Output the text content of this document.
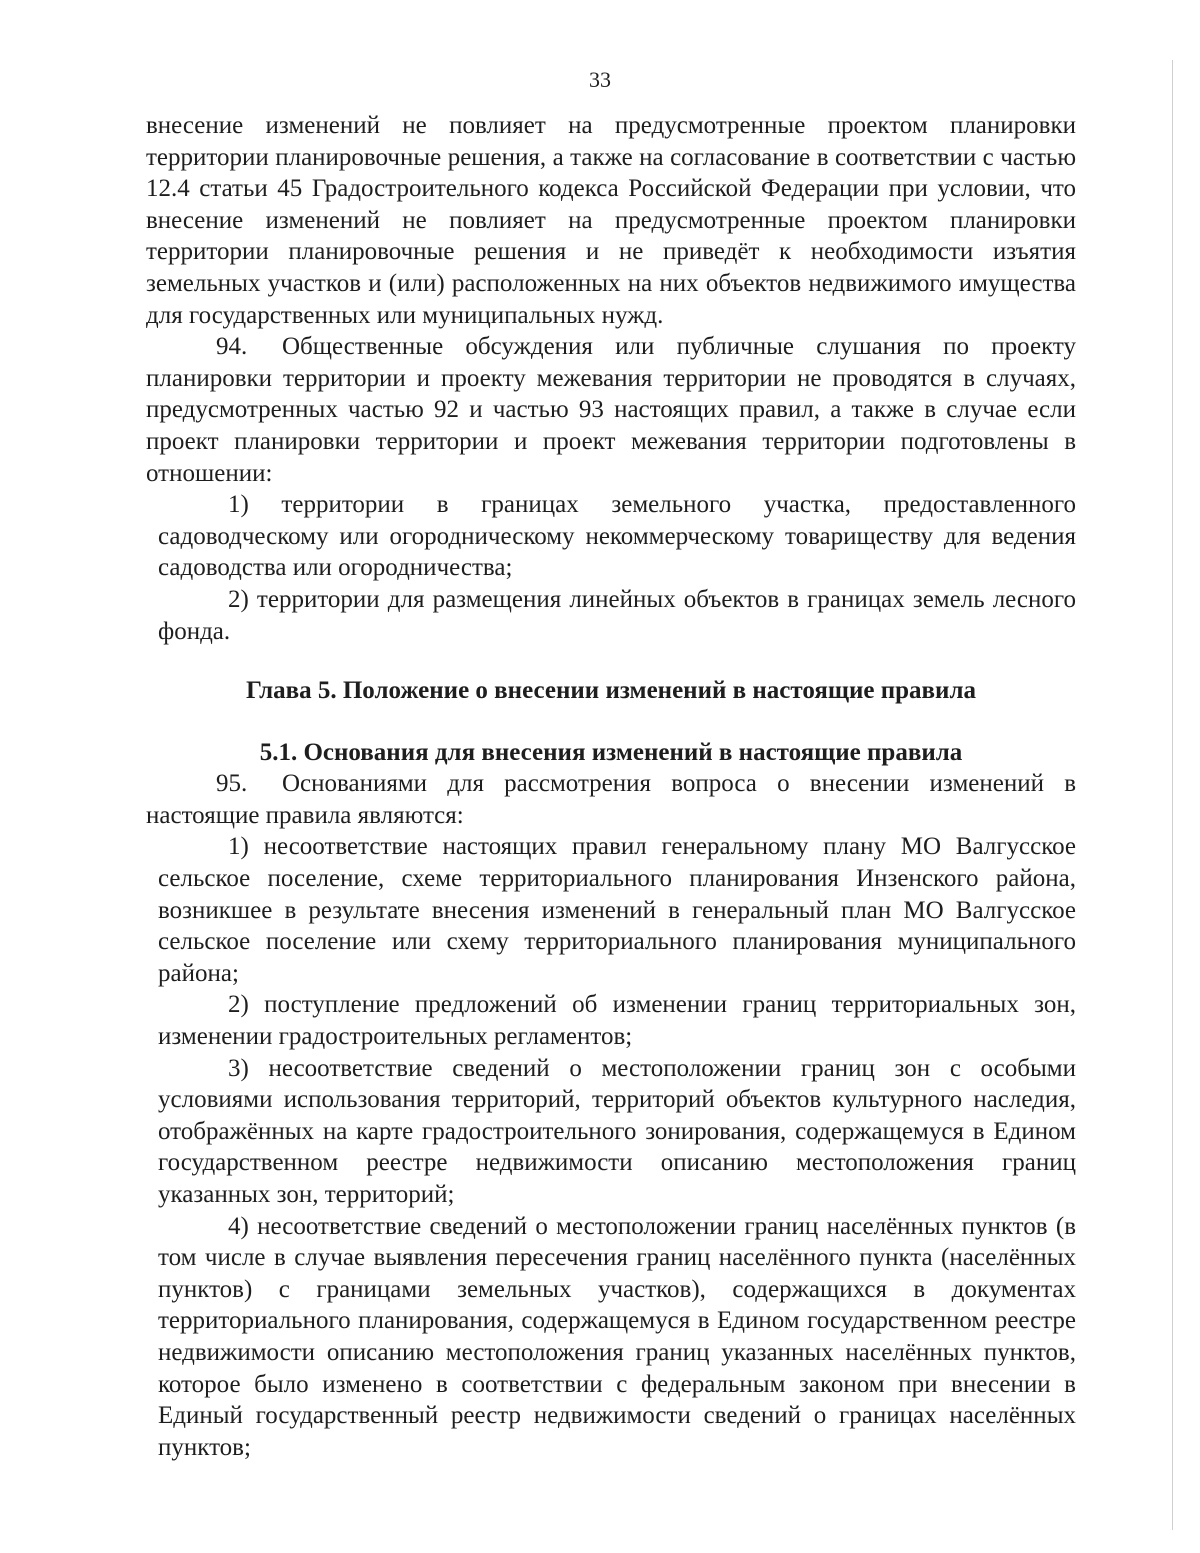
33

внесение изменений не повлияет на предусмотренные проектом планировки территории планировочные решения, а также на согласование в соответствии с частью 12.4 статьи 45 Градостроительного кодекса Российской Федерации при условии, что внесение изменений не повлияет на предусмотренные проектом планировки территории планировочные решения и не приведёт к необходимости изъятия земельных участков и (или) расположенных на них объектов недвижимого имущества для государственных или муниципальных нужд.

94. Общественные обсуждения или публичные слушания по проекту планировки территории и проекту межевания территории не проводятся в случаях, предусмотренных частью 92 и частью 93 настоящих правил, а также в случае если проект планировки территории и проект межевания территории подготовлены в отношении:

1) территории в границах земельного участка, предоставленного садоводческому или огородническому некоммерческому товариществу для ведения садоводства или огородничества;

2) территории для размещения линейных объектов в границах земель лесного фонда.

Глава 5. Положение о внесении изменений в настоящие правила

5.1. Основания для внесения изменений в настоящие правила

95. Основаниями для рассмотрения вопроса о внесении изменений в настоящие правила являются:

1) несоответствие настоящих правил генеральному плану МО Валгусское сельское поселение, схеме территориального планирования Инзенского района, возникшее в результате внесения изменений в генеральный план МО Валгусское сельское поселение или схему территориального планирования муниципального района;

2) поступление предложений об изменении границ территориальных зон, изменении градостроительных регламентов;

3) несоответствие сведений о местоположении границ зон с особыми условиями использования территорий, территорий объектов культурного наследия, отображённых на карте градостроительного зонирования, содержащемуся в Едином государственном реестре недвижимости описанию местоположения границ указанных зон, территорий;

4) несоответствие сведений о местоположении границ населённых пунктов (в том числе в случае выявления пересечения границ населённого пункта (населённых пунктов) с границами земельных участков), содержащихся в документах территориального планирования, содержащемуся в Едином государственном реестре недвижимости описанию местоположения границ указанных населённых пунктов, которое было изменено в соответствии с федеральным законом при внесении в Единый государственный реестр недвижимости сведений о границах населённых пунктов;
